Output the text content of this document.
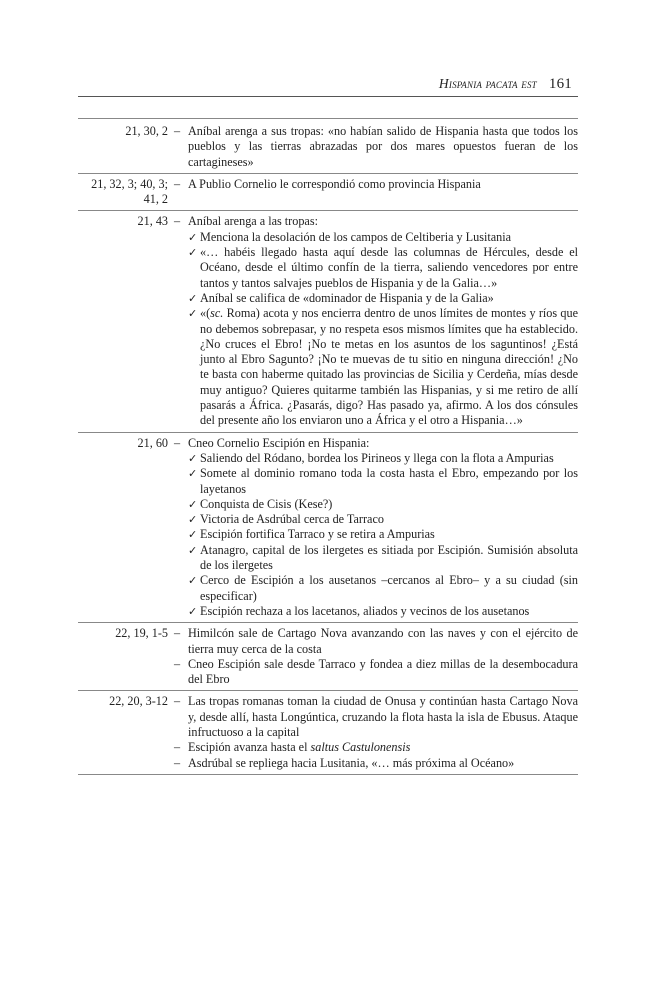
Hispania pacata est 161
21, 30, 2 – Aníbal arenga a sus tropas: «no habían salido de Hispania hasta que todos los pueblos y las tierras abrazadas por dos mares opuestos fueran de los cartagineses»
21, 32, 3; 40, 3;
41, 2
– A Publio Cornelio le correspondió como provincia Hispania
21, 43 – Aníbal arenga a las tropas:
✓ Menciona la desolación de los campos de Celtiberia y Lusitania
✓ «… habéis llegado hasta aquí desde las columnas de Hércules, desde el Océano, desde el último confín de la tierra, saliendo vencedores por entre tantos y tantos salvajes pueblos de Hispania y de la Galia…»
✓ Aníbal se califica de «dominador de Hispania y de la Galia»
✓ «(sc. Roma) acota y nos encierra dentro de unos límites de montes y ríos que no debemos sobrepasar, y no respeta esos mismos límites que ha establecido. ¿No cruces el Ebro! ¡No te metas en los asuntos de los saguntinos! ¿Está junto al Ebro Sagunto? ¡No te muevas de tu sitio en ninguna dirección! ¿No te basta con haberme quitado las provincias de Sicilia y Cerdeña, mías desde muy antiguo? Quieres quitarme también las Hispanias, y si me retiro de allí pasarás a África. ¿Pasarás, digo? Has pasado ya, afirmo. A los dos cónsules del presente año los enviaron uno a África y el otro a Hispania…»
21, 60 – Cneo Cornelio Escipión en Hispania:
✓ Saliendo del Ródano, bordea los Pirineos y llega con la flota a Ampurias
✓ Somete al dominio romano toda la costa hasta el Ebro, empezando por los layetanos
✓ Conquista de Cisis (Kese?)
✓ Victoria de Asdrúbal cerca de Tarraco
✓ Escipión fortifica Tarraco y se retira a Ampurias
✓ Atanagro, capital de los ilergetes es sitiada por Escipión. Sumisión absoluta de los ilergetes
✓ Cerco de Escipión a los ausetanos –cercanos al Ebro– y a su ciudad (sin especificar)
✓ Escipión rechaza a los lacetanos, aliados y vecinos de los ausetanos
22, 19, 1-5 – Himilcón sale de Cartago Nova avanzando con las naves y con el ejército de tierra muy cerca de la costa
– Cneo Escipión sale desde Tarraco y fondea a diez millas de la desembocadura del Ebro
22, 20, 3-12 – Las tropas romanas toman la ciudad de Onusa y continúan hasta Cartago Nova y, desde allí, hasta Longúntica, cruzando la flota hasta la isla de Ebusus. Ataque infructuoso a la capital
– Escipión avanza hasta el saltus Castulonensis
– Asdrúbal se repliega hacia Lusitania, «… más próxima al Océano»
